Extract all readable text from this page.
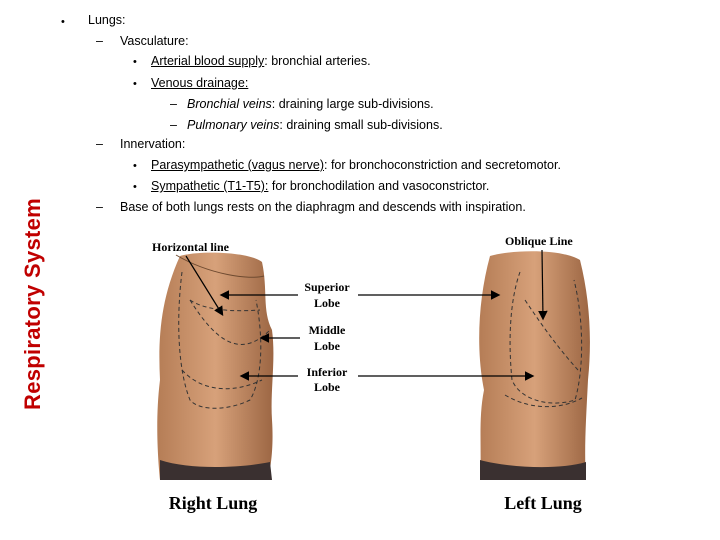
Respiratory System
• Lungs:
– Vasculature:
• Arterial blood supply: bronchial arteries.
• Venous drainage:
– Bronchial veins: draining large sub-divisions.
– Pulmonary veins: draining small sub-divisions.
– Innervation:
• Parasympathetic (vagus nerve): for bronchoconstriction and secretomotor.
• Sympathetic (T1-T5): for bronchodilation and vasoconstrictor.
– Base of both lungs rests on the diaphragm and descends with inspiration.
Horizontal line	Oblique Line
Superior
Lobe
Middle
Lobe
Inferior
Lobe
Right Lung	Left Lung
